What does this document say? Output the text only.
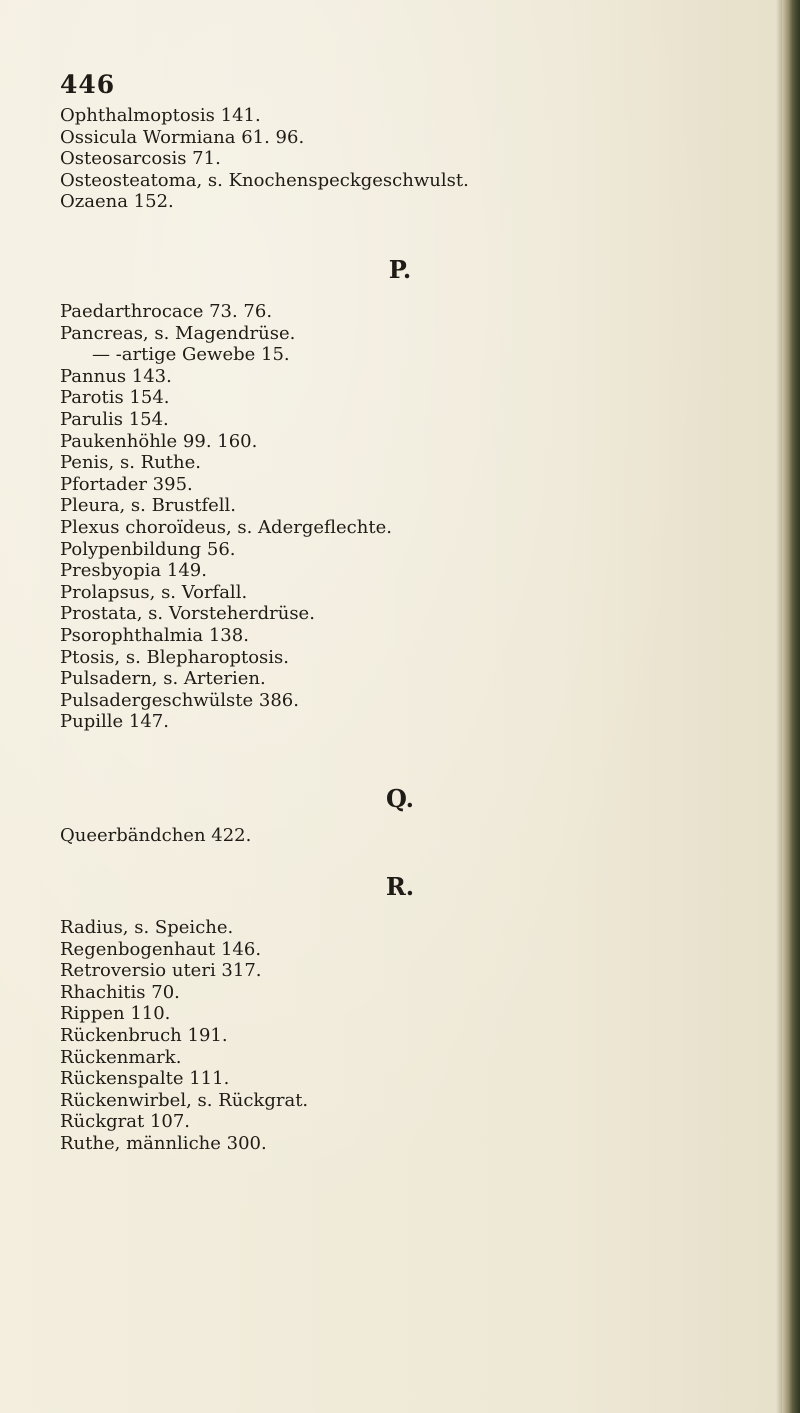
446
Ophthalmoptosis 141.
Ossicula Wormiana 61. 96.
Osteosarcosis 71.
Osteosteatoma, s. Knochenspeckgeschwulst.
Ozaena 152.
P.
Paedarthrocace 73. 76.
Pancreas, s. Magendrüse.
— -artige Gewebe 15.
Pannus 143.
Parotis 154.
Parulis 154.
Paukenhöhle 99. 160.
Penis, s. Ruthe.
Pfortader 395.
Pleura, s. Brustfell.
Plexus choroïdeus, s. Adergeflechte.
Polypenbildung 56.
Presbyopia 149.
Prolapsus, s. Vorfall.
Prostata, s. Vorsteherdrüse.
Psorophthalmia 138.
Ptosis, s. Blepharoptosis.
Pulsadern, s. Arterien.
Pulsadergeschwülste 386.
Pupille 147.
Q.
Queerbändchen 422.
R.
Radius, s. Speiche.
Regenbogenhaut 146.
Retroversio uteri 317.
Rhachitis 70.
Rippen 110.
Rückenbruch 191.
Rückenmark.
Rückenspalte 111.
Rückenwirbel, s. Rückgrat.
Rückgrat 107.
Ruthe, männliche 300.
